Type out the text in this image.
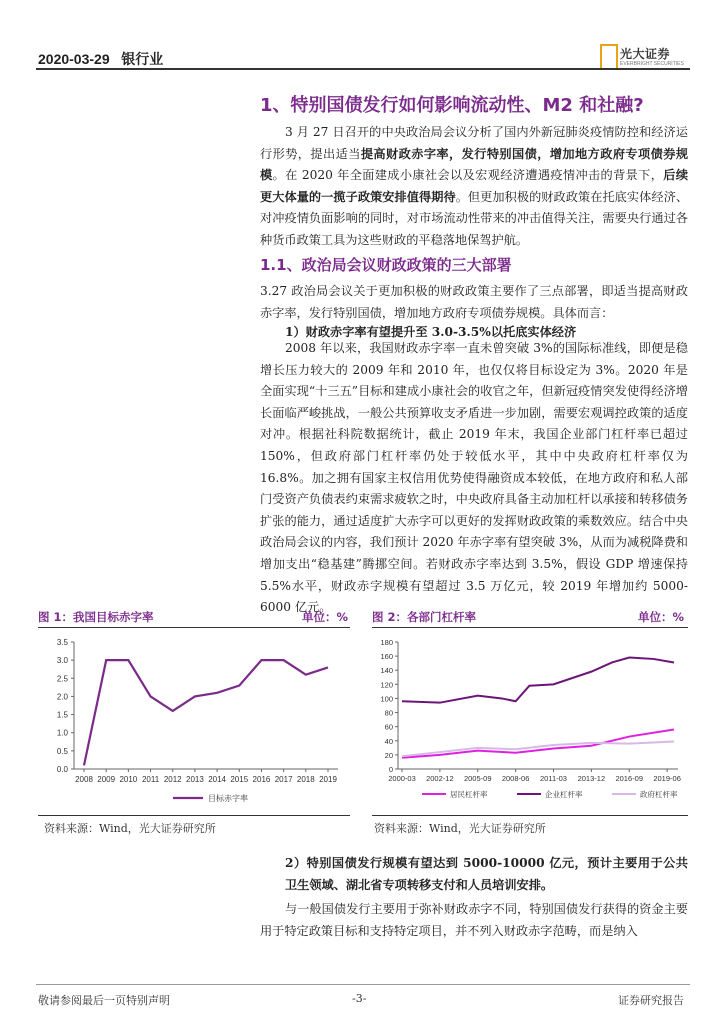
2020-03-29 银行业	光大证券
EVERBRIGHT SECURITIES
1、特别国债发行如何影响流动性、M2 和社融?

3 月 27 日召开的中央政治局会议分析了国内外新冠肺炎疫情防控和经济运行形势，提出适当提高财政赤字率，发行特别国债，增加地方政府专项债券规模。在 2020 年全面建成小康社会以及宏观经济遭遇疫情冲击的背景下，后续更大体量的一揽子政策安排值得期待。但更加积极的财政政策在托底实体经济、对冲疫情负面影响的同时，对市场流动性带来的冲击值得关注，需要央行通过各种货币政策工具为这些财政的平稳落地保驾护航。

1.1、政治局会议财政政策的三大部署

3.27 政治局会议关于更加积极的财政政策主要作了三点部署，即适当提高财政赤字率，发行特别国债，增加地方政府专项债券规模。具体而言：

1）财政赤字率有望提升至 3.0-3.5%以托底实体经济

2008 年以来，我国财政赤字率一直未曾突破 3%的国际标准线，即便是稳增长压力较大的 2009 年和 2010 年，也仅仅将目标设定为 3%。2020 年是全面实现“十三五”目标和建成小康社会的收官之年，但新冠疫情突发使得经济增长面临严峻挑战，一般公共预算收支矛盾进一步加剧，需要宏观调控政策的适度对冲。根据社科院数据统计，截止 2019 年末，我国企业部门杠杆率已超过 150%，但政府部门杠杆率仍处于较低水平，其中中央政府杠杆率仅为 16.8%。加之拥有国家主权信用优势使得融资成本较低，在地方政府和私人部门受资产负债表约束需求疲软之时，中央政府具备主动加杠杆以承接和转移债务扩张的能力，通过适度扩大赤字可以更好的发挥财政政策的乘数效应。结合中央政治局会议的内容，我们预计 2020 年赤字率有望突破 3%，从而为减税降费和增加支出“稳基建”腾挪空间。若财政赤字率达到 3.5%，假设 GDP 增速保持 5.5%水平，财政赤字规模有望超过 3.5 万亿元，较 2019 年增加约 5000-6000 亿元。

图 1：我国目标赤字率	单位：%
0.0
0.5
1.0
1.5
2.0
2.5
3.0
3.5
2008 2009 2010 2011 2012 2013 2014 2015 2016 2017 2018 2019
目标赤字率
资料来源：Wind，光大证券研究所
图 2：各部门杠杆率	单位：%
0
20
40
60
80
100
120
140
160
180
2000-03 2002-12 2005-09 2008-06 2011-03 2013-12 2016-09 2019-06
居民杠杆率	企业杠杆率	政府杠杆率
资料来源：Wind，光大证券研究所

2）特别国债发行规模有望达到 5000-10000 亿元，预计主要用于公共卫生领域、湖北省专项转移支付和人员培训安排。

与一般国债发行主要用于弥补财政赤字不同，特别国债发行获得的资金主要用于特定政策目标和支持特定项目，并不列入财政赤字范畴，而是纳入

敬请参阅最后一页特别声明	-3-	证券研究报告
